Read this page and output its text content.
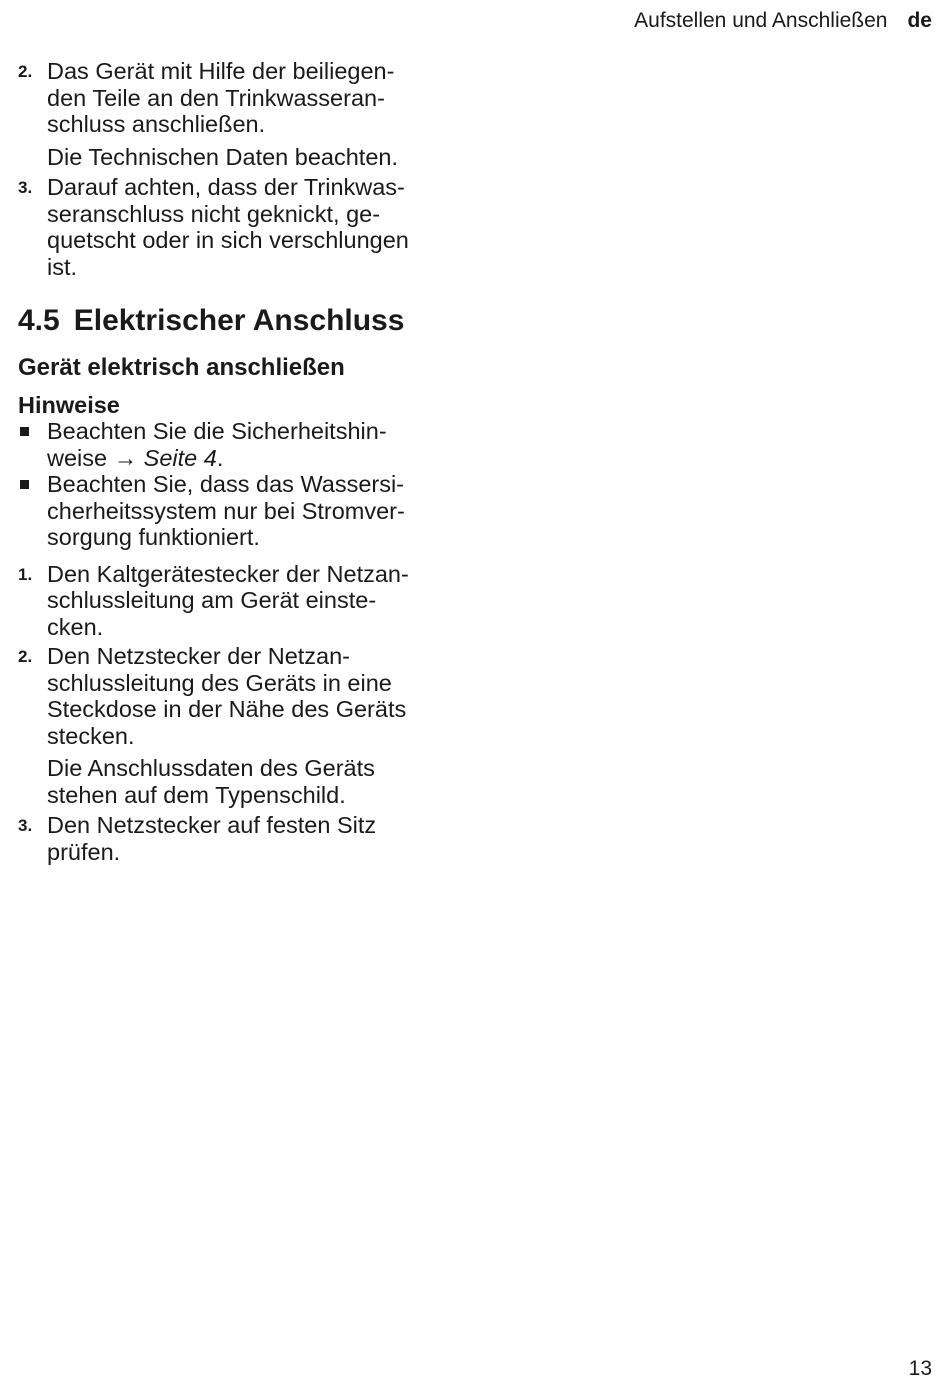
Aufstellen und Anschließen de
2. Das Gerät mit Hilfe der beiliegen-
den Teile an den Trinkwasseran-
schluss anschließen.
Die Technischen Daten beachten.
3. Darauf achten, dass der Trinkwas-
seranschluss nicht geknickt, ge-
quetscht oder in sich verschlungen
ist.
4.5 Elektrischer Anschluss
Gerät elektrisch anschließen
Hinweise
Beachten Sie die Sicherheitshin-
weise → Seite 4.
Beachten Sie, dass das Wassersi-
cherheitssystem nur bei Stromver-
sorgung funktioniert.
1. Den Kaltgerätestecker der Netzan-
schlussleitung am Gerät einste-
cken.
2. Den Netzstecker der Netzan-
schlussleitung des Geräts in eine
Steckdose in der Nähe des Geräts
stecken.
Die Anschlussdaten des Geräts
stehen auf dem Typenschild.
3. Den Netzstecker auf festen Sitz
prüfen.
13
